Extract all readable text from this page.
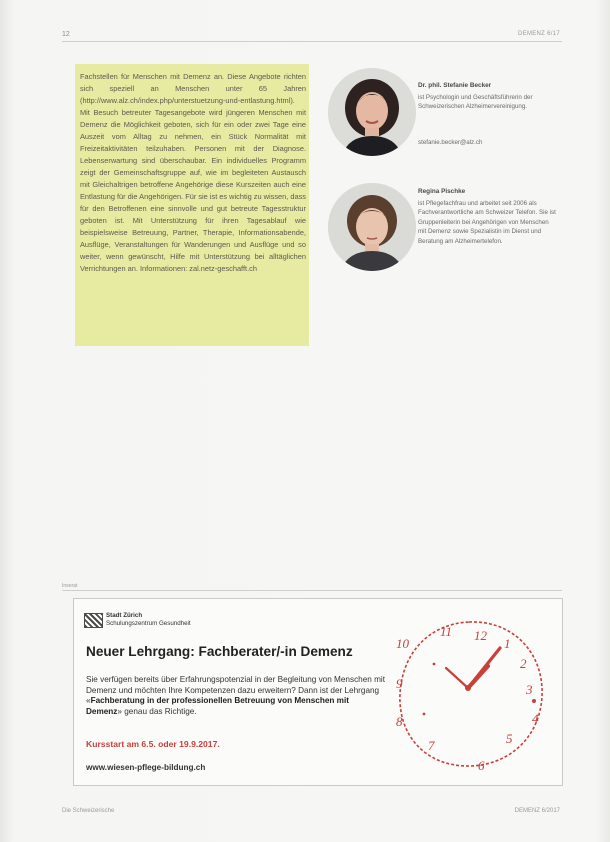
12	DEMENZ 6/17

Fachstellen für Menschen mit Demenz an. Diese Angebote richten sich speziell an Menschen unter 65 Jahren (http://www.alz.ch/index.php/unterstuetzung-und-entlastung.html).

Mit Besuch betreuter Tagesangebote wird jüngeren Menschen mit Demenz die Möglichkeit geboten, sich für ein oder zwei Tage eine Auszeit vom Alltag zu nehmen, ein Stück Normalität mit Freizeitaktivitäten teilzuhaben. Personen mit der Diagnose. Lebenserwartung sind überschaubar. Ein individuelles Programm zeigt der Gemeinschaftsgruppe auf, wie im begleiteten Austausch mit Gleichaltrigen betroffene Angehörige diese Kurszeiten auch eine Entlastung für die Angehörigen. Für sie ist es wichtig zu wissen, dass für den Betroffenen eine sinnvolle und gut betreute Tagesstruktur geboten ist. Mit Unterstützung für ihren Tagesablauf wie beispielsweise Betreuung, Partner, Therapie, Informationsabende, Ausflüge, Veranstaltungen für Wanderungen und Ausflüge und so weiter, wenn gewünscht, Hilfe mit Unterstützung bei alltäglichen Verrichtungen an. Informationen: zal.netz-geschafft.ch

Dr. phil. Stefanie Becker
ist Psychologin und Geschäftsführerin der Schweizerischen Alzheimervereinigung.
stefanie.becker@alz.ch
Regina Pischke
ist Pflegefachfrau und arbeitet seit 2006 als Fachverantwortliche am Schweizer Telefon. Sie ist Gruppenleiterin bei Angehörigen von Menschen mit Demenz sowie Spezialistin im Dienst und Beratung am Alzheimertelefon.
Inserat
Stadt Zürich
Schulungszentrum Gesundheit
Neuer Lehrgang: Fachberater/-in Demenz
Sie verfügen bereits über Erfahrungspotenzial in der Begleitung von Menschen mit Demenz und möchten Ihre Kompetenzen dazu erweitern? Dann ist der Lehrgang «Fachberatung in der professionellen Betreuung von Menschen mit Demenz» genau das Richtige.
Kursstart am 6.5. oder 19.9.2017.
www.wiesen-pflege-bildung.ch
12
1
2
3
4
5
6
7
8
9
10
11
Die Schweizerische	DEMENZ 6/2017
